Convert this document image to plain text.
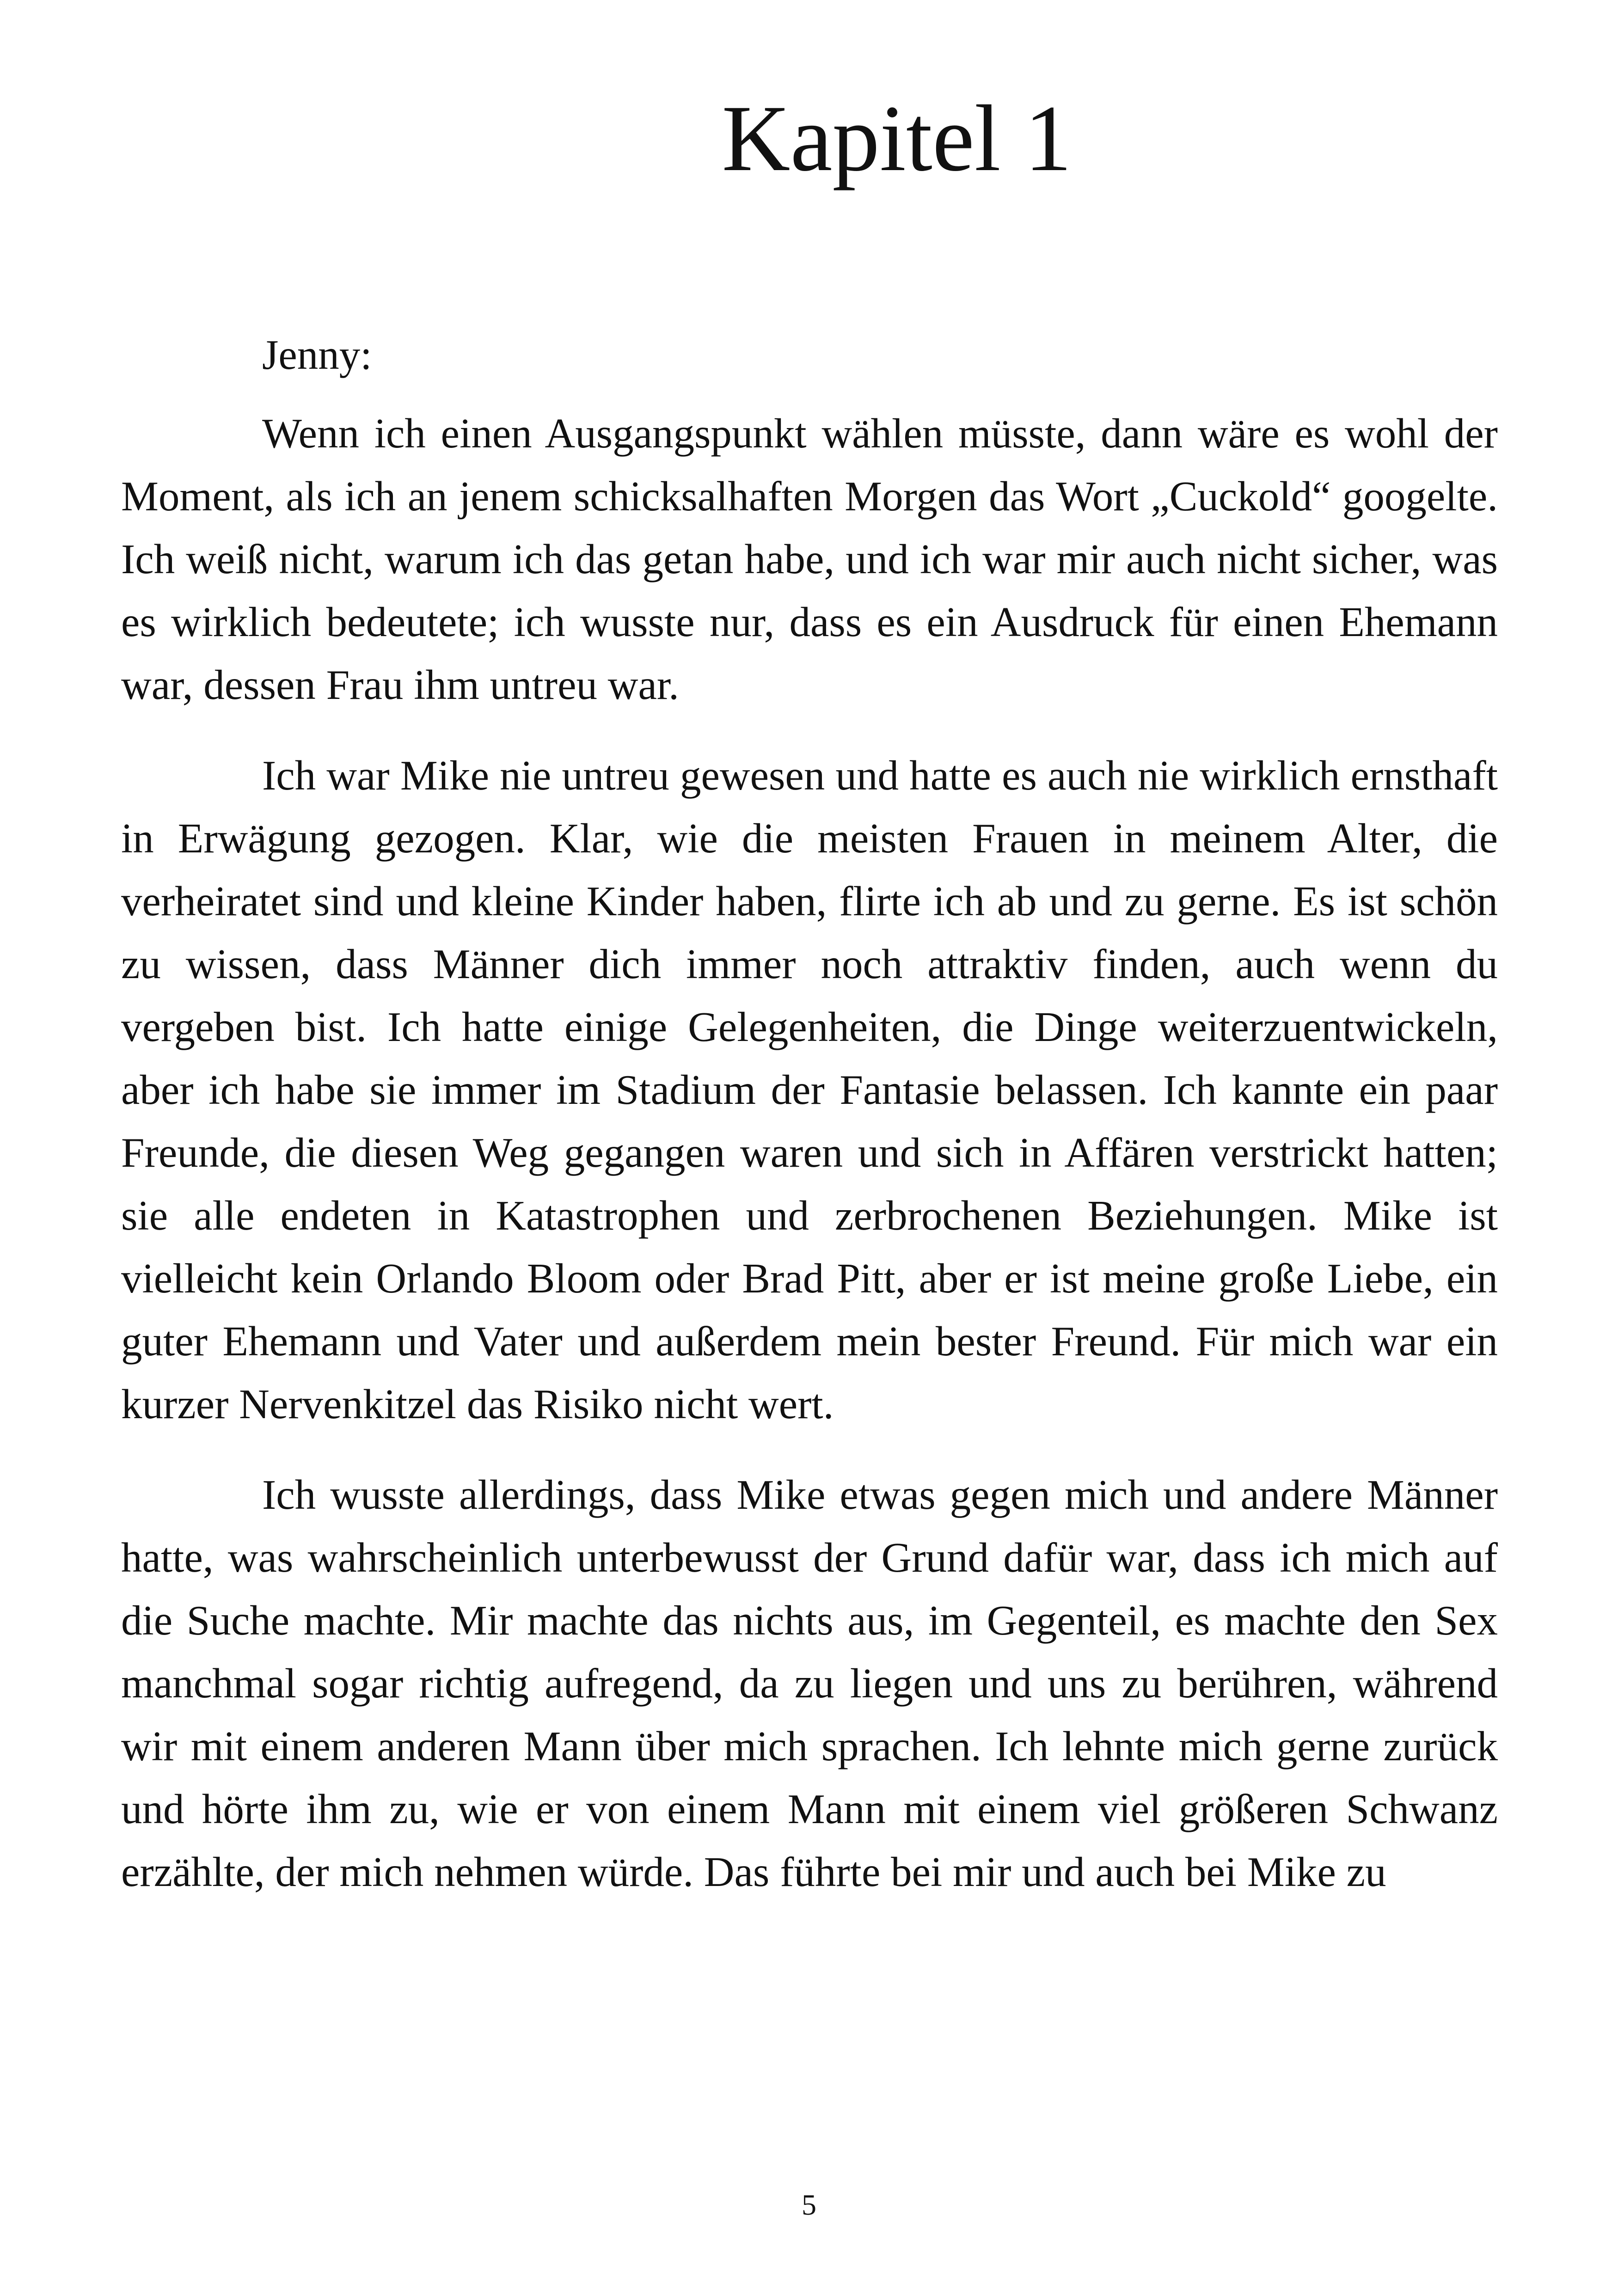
Kapitel 1

Jenny:

Wenn ich einen Ausgangspunkt wählen müsste, dann wäre es wohl der Moment, als ich an jenem schicksalhaften Morgen das Wort „Cuckold“ googelte. Ich weiß nicht, warum ich das getan habe, und ich war mir auch nicht sicher, was es wirklich bedeutete; ich wusste nur, dass es ein Ausdruck für einen Ehemann war, dessen Frau ihm untreu war.

Ich war Mike nie untreu gewesen und hatte es auch nie wirklich ernsthaft in Erwägung gezogen. Klar, wie die meisten Frauen in meinem Alter, die verheiratet sind und kleine Kinder haben, flirte ich ab und zu gerne. Es ist schön zu wissen, dass Männer dich immer noch attraktiv finden, auch wenn du vergeben bist. Ich hatte einige Gelegenheiten, die Dinge weiterzuentwickeln, aber ich habe sie immer im Stadium der Fantasie belassen. Ich kannte ein paar Freunde, die diesen Weg gegangen waren und sich in Affären verstrickt hatten; sie alle endeten in Katastrophen und zerbrochenen Beziehungen. Mike ist vielleicht kein Orlando Bloom oder Brad Pitt, aber er ist meine große Liebe, ein guter Ehemann und Vater und außerdem mein bester Freund. Für mich war ein kurzer Nervenkitzel das Risiko nicht wert.

Ich wusste allerdings, dass Mike etwas gegen mich und andere Männer hatte, was wahrscheinlich unterbewusst der Grund dafür war, dass ich mich auf die Suche machte. Mir machte das nichts aus, im Gegenteil, es machte den Sex manchmal sogar richtig aufregend, da zu liegen und uns zu berühren, während wir mit einem anderen Mann über mich sprachen. Ich lehnte mich gerne zurück und hörte ihm zu, wie er von einem Mann mit einem viel größeren Schwanz erzählte, der mich nehmen würde. Das führte bei mir und auch bei Mike zu

5
